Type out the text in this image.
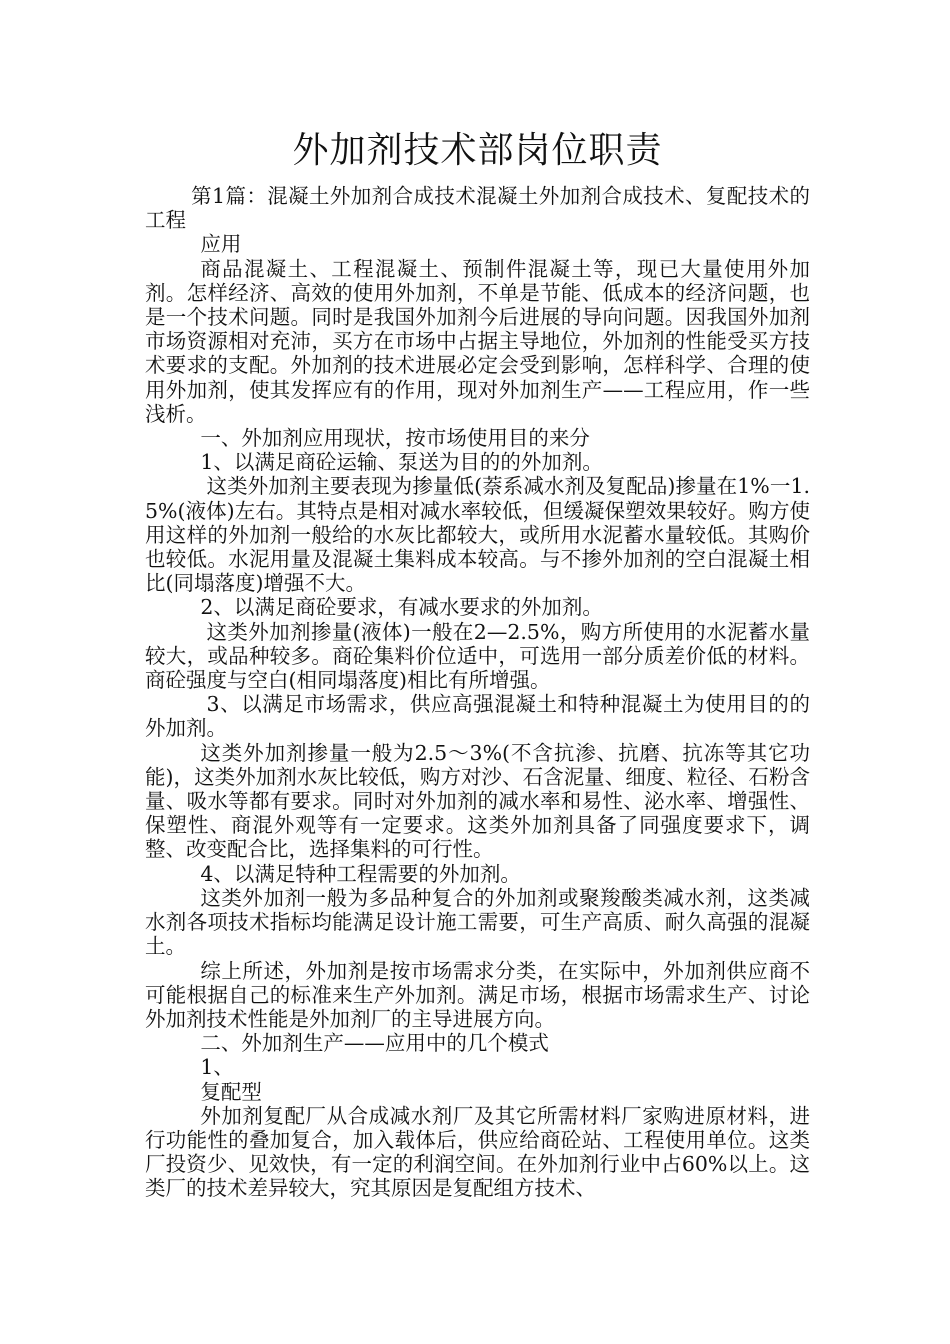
外加剂技术部岗位职责

第1篇：混凝土外加剂合成技术混凝土外加剂合成技术、复配技术的工程

应用

商品混凝土、工程混凝土、预制件混凝土等，现已大量使用外加剂。怎样经济、高效的使用外加剂，不单是节能、低成本的经济问题，也是一个技术问题。同时是我国外加剂今后进展的导向问题。因我国外加剂市场资源相对充沛，买方在市场中占据主导地位，外加剂的性能受买方技术要求的支配。外加剂的技术进展必定会受到影响，怎样科学、合理的使用外加剂，使其发挥应有的作用，现对外加剂生产——工程应用，作一些浅析。

一、外加剂应用现状，按市场使用目的来分

1、以满足商砼运输、泵送为目的的外加剂。

这类外加剂主要表现为掺量低(萘系减水剂及复配品)掺量在1%一1.5%(液体)左右。其特点是相对减水率较低，但缓凝保塑效果较好。购方使用这样的外加剂一般给的水灰比都较大，或所用水泥蓄水量较低。其购价也较低。水泥用量及混凝土集料成本较高。与不掺外加剂的空白混凝土相比(同塌落度)增强不大。

2、以满足商砼要求，有减水要求的外加剂。

这类外加剂掺量(液体)一般在2—2.5%，购方所使用的水泥蓄水量较大，或品种较多。商砼集料价位适中，可选用一部分质差价低的材料。商砼强度与空白(相同塌落度)相比有所增强。

3、以满足市场需求，供应高强混凝土和特种混凝土为使用目的的外加剂。

这类外加剂掺量一般为2.5～3%(不含抗渗、抗磨、抗冻等其它功能)，这类外加剂水灰比较低，购方对沙、石含泥量、细度、粒径、石粉含量、吸水等都有要求。同时对外加剂的减水率和易性、泌水率、增强性、保塑性、商混外观等有一定要求。这类外加剂具备了同强度要求下，调整、改变配合比，选择集料的可行性。

4、以满足特种工程需要的外加剂。

这类外加剂一般为多品种复合的外加剂或聚羧酸类减水剂，这类减水剂各项技术指标均能满足设计施工需要，可生产高质、耐久高强的混凝土。

综上所述，外加剂是按市场需求分类，在实际中，外加剂供应商不可能根据自己的标准来生产外加剂。满足市场，根据市场需求生产、讨论外加剂技术性能是外加剂厂的主导进展方向。

二、外加剂生产——应用中的几个模式

1、

复配型

外加剂复配厂从合成减水剂厂及其它所需材料厂家购进原材料，进行功能性的叠加复合，加入载体后，供应给商砼站、工程使用单位。这类厂投资少、见效快，有一定的利润空间。在外加剂行业中占60%以上。这类厂的技术差异较大，究其原因是复配组方技术、
